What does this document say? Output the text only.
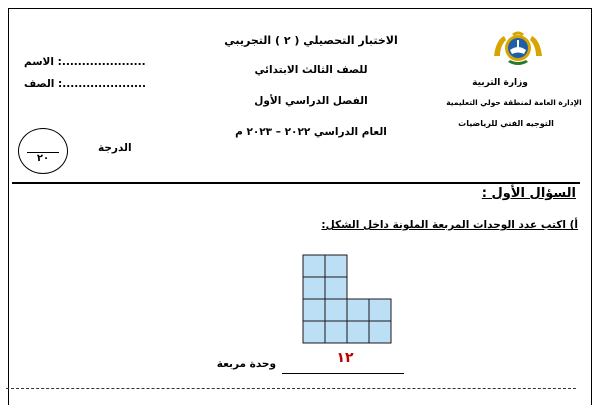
وزارة التربية
الإدارة العامة لمنطقة حولي التعليمية
التوجيه الفني للرياضيات
الاختبار التحصيلي ( ٢ ) التجريبي
للصف الثالث الابتدائي
الفصل الدراسي الأول
العام الدراسي ٢٠٢٢ – ٢٠٢٣ م
الاسم :.....................
الصف :.....................
الدرجة
٢٠
السؤال الأول :
أ) اكتب عدد الوحدات المربعة الملونة داخل الشكل:
١٢
وحدة مربعة
